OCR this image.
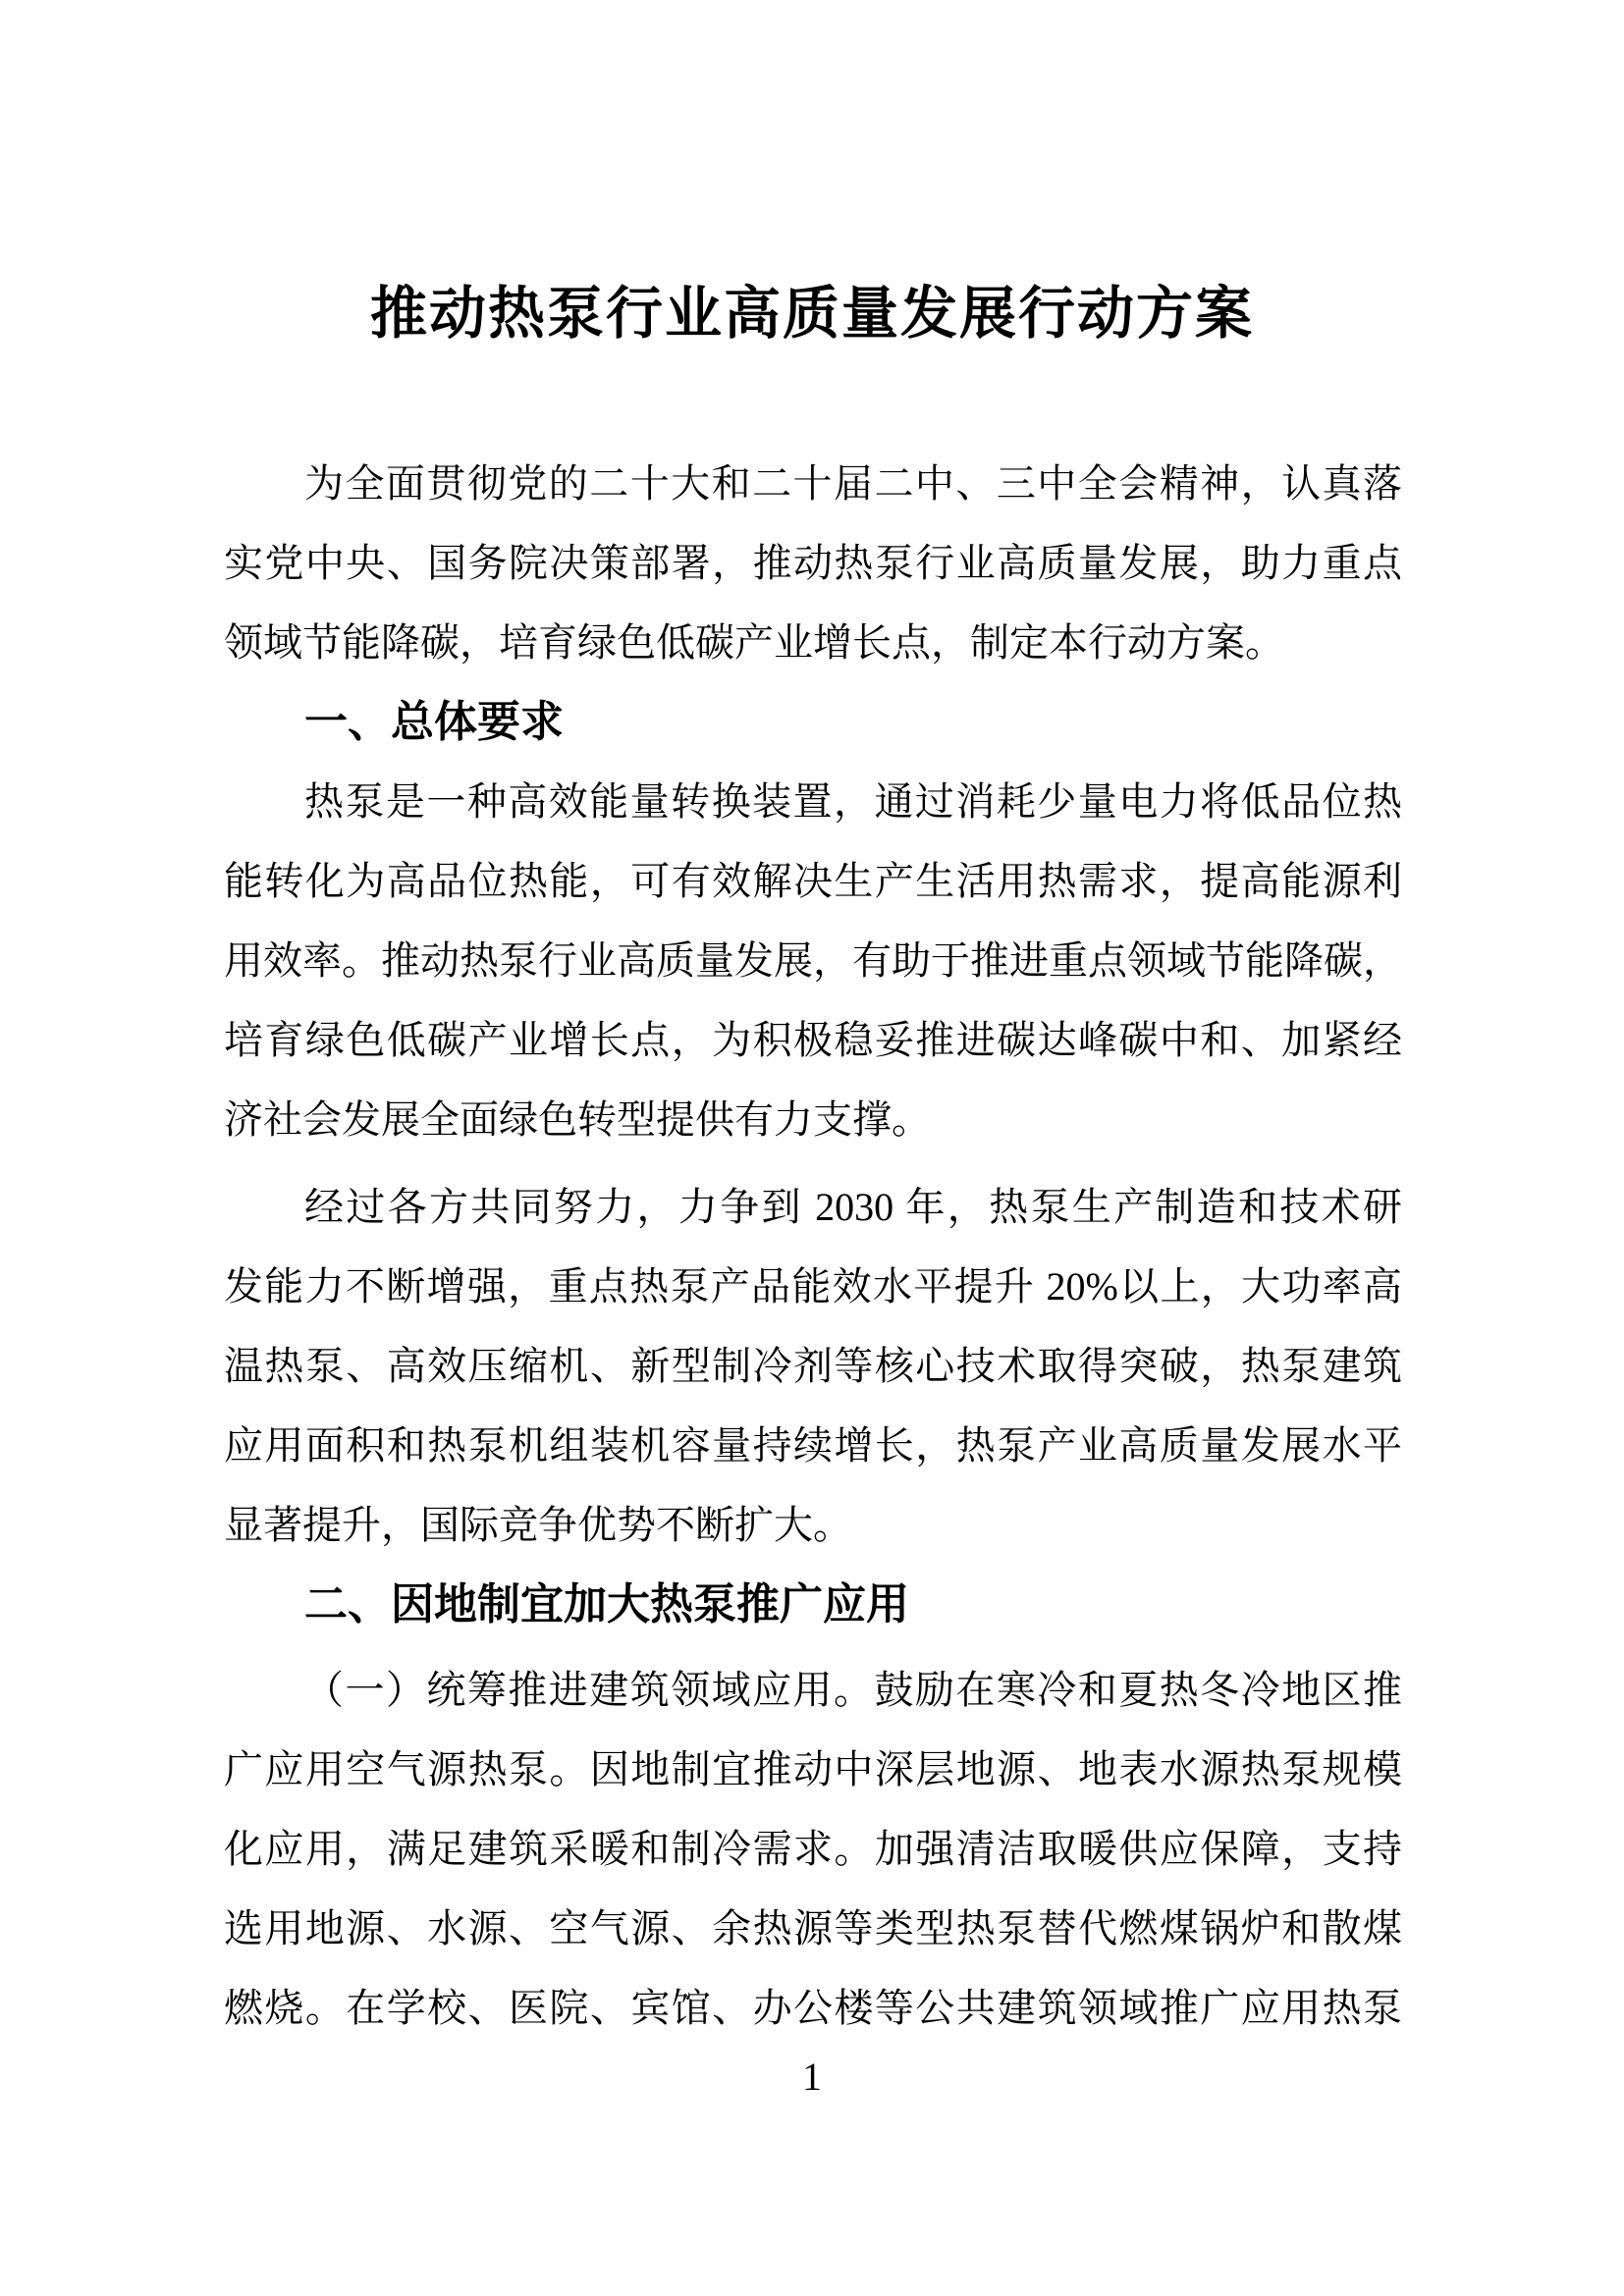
推动热泵行业高质量发展行动方案
为全面贯彻党的二十大和二十届二中、三中全会精神，认真落
实党中央、国务院决策部署，推动热泵行业高质量发展，助力重点
领域节能降碳，培育绿色低碳产业增长点，制定本行动方案。
一、总体要求
热泵是一种高效能量转换装置，通过消耗少量电力将低品位热
能转化为高品位热能，可有效解决生产生活用热需求，提高能源利
用效率。推动热泵行业高质量发展，有助于推进重点领域节能降碳，
培育绿色低碳产业增长点，为积极稳妥推进碳达峰碳中和、加紧经
济社会发展全面绿色转型提供有力支撑。
经过各方共同努力，力争到 2030 年，热泵生产制造和技术研
发能力不断增强，重点热泵产品能效水平提升 20%以上，大功率高
温热泵、高效压缩机、新型制冷剂等核心技术取得突破，热泵建筑
应用面积和热泵机组装机容量持续增长，热泵产业高质量发展水平
显著提升，国际竞争优势不断扩大。
二、因地制宜加大热泵推广应用
（一）统筹推进建筑领域应用。鼓励在寒冷和夏热冬冷地区推
广应用空气源热泵。因地制宜推动中深层地源、地表水源热泵规模
化应用，满足建筑采暖和制冷需求。加强清洁取暖供应保障，支持
选用地源、水源、空气源、余热源等类型热泵替代燃煤锅炉和散煤
燃烧。在学校、医院、宾馆、办公楼等公共建筑领域推广应用热泵
1
